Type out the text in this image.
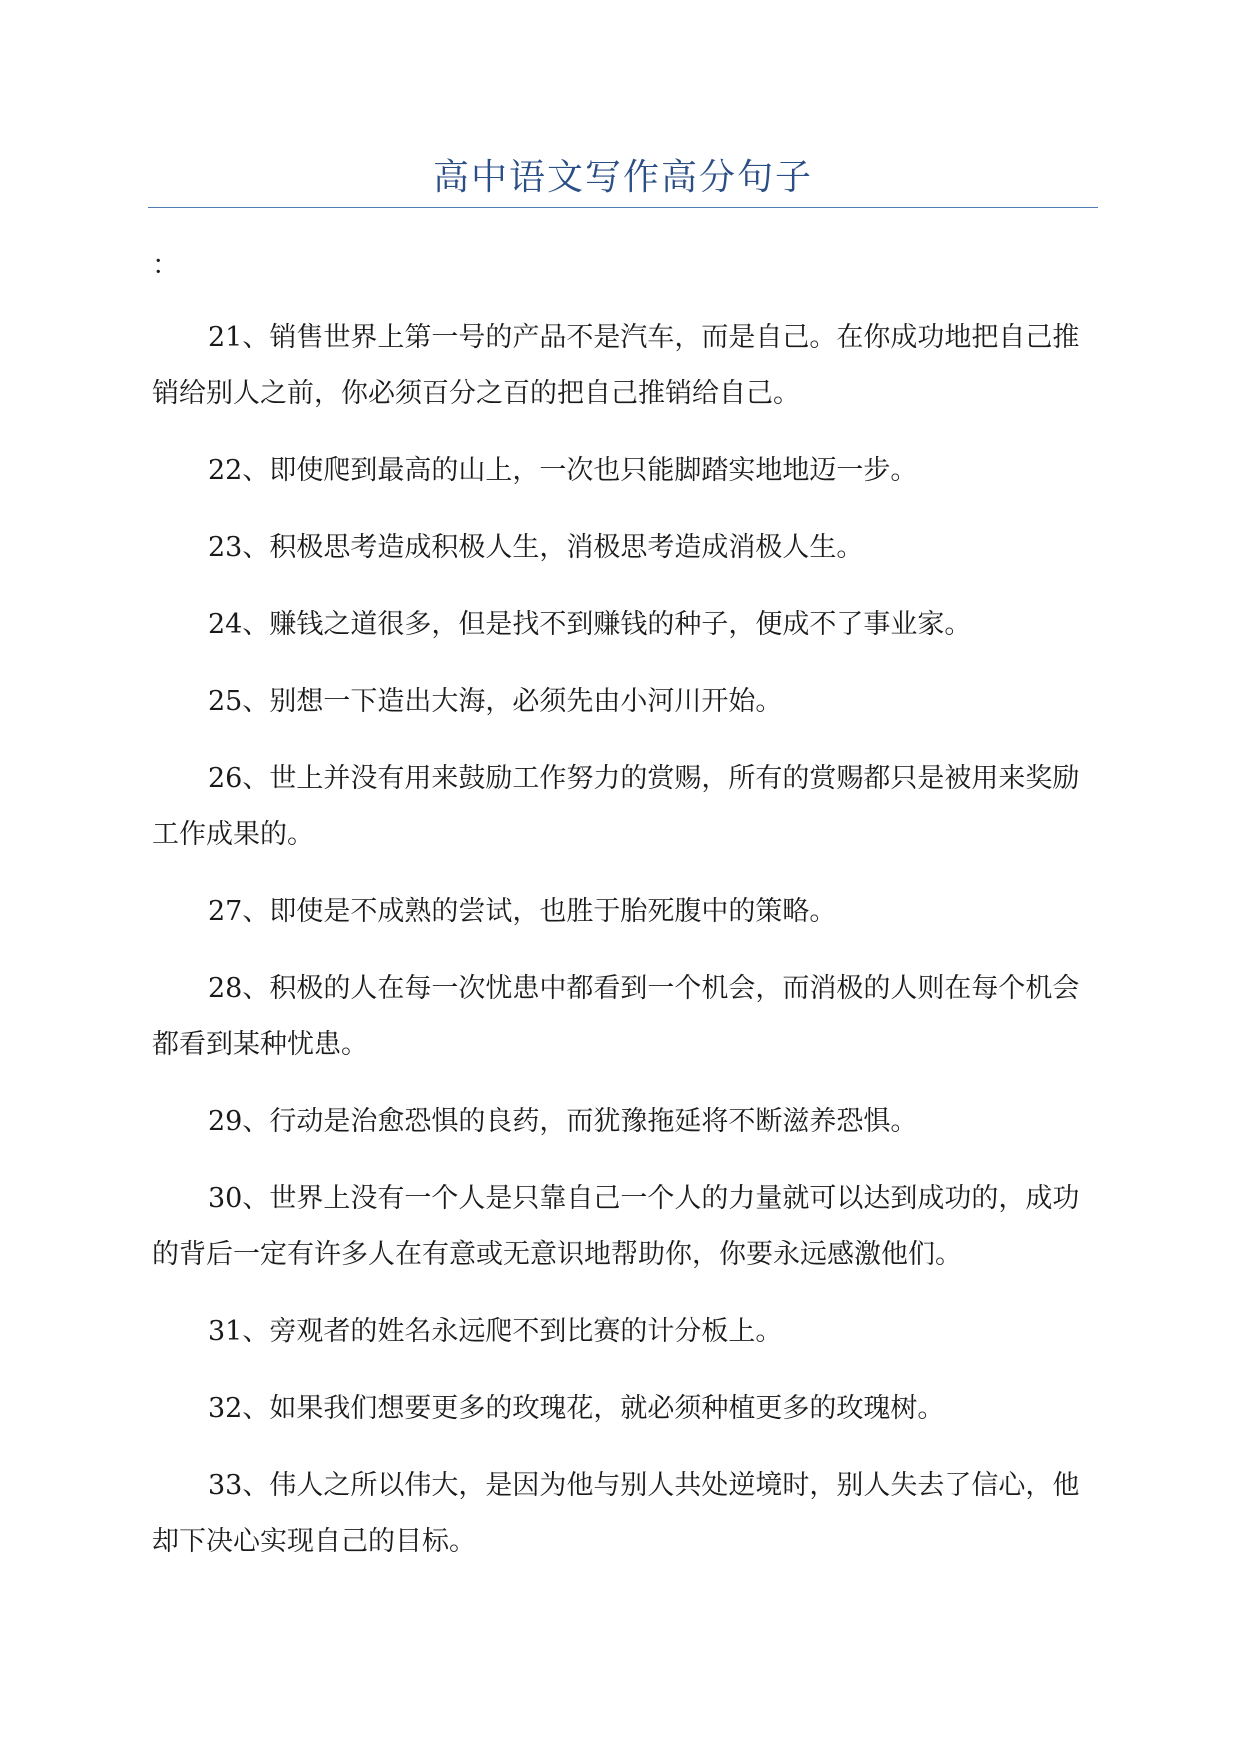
高中语文写作高分句子
：

21、销售世界上第一号的产品不是汽车，而是自己。在你成功地把自己推销给别人之前，你必须百分之百的把自己推销给自己。

22、即使爬到最高的山上，一次也只能脚踏实地地迈一步。

23、积极思考造成积极人生，消极思考造成消极人生。

24、赚钱之道很多，但是找不到赚钱的种子，便成不了事业家。

25、别想一下造出大海，必须先由小河川开始。

26、世上并没有用来鼓励工作努力的赏赐，所有的赏赐都只是被用来奖励工作成果的。

27、即使是不成熟的尝试，也胜于胎死腹中的策略。

28、积极的人在每一次忧患中都看到一个机会，而消极的人则在每个机会都看到某种忧患。

29、行动是治愈恐惧的良药，而犹豫拖延将不断滋养恐惧。

30、世界上没有一个人是只靠自己一个人的力量就可以达到成功的，成功的背后一定有许多人在有意或无意识地帮助你，你要永远感激他们。

31、旁观者的姓名永远爬不到比赛的计分板上。

32、如果我们想要更多的玫瑰花，就必须种植更多的玫瑰树。

33、伟人之所以伟大，是因为他与别人共处逆境时，别人失去了信心，他却下决心实现自己的目标。
